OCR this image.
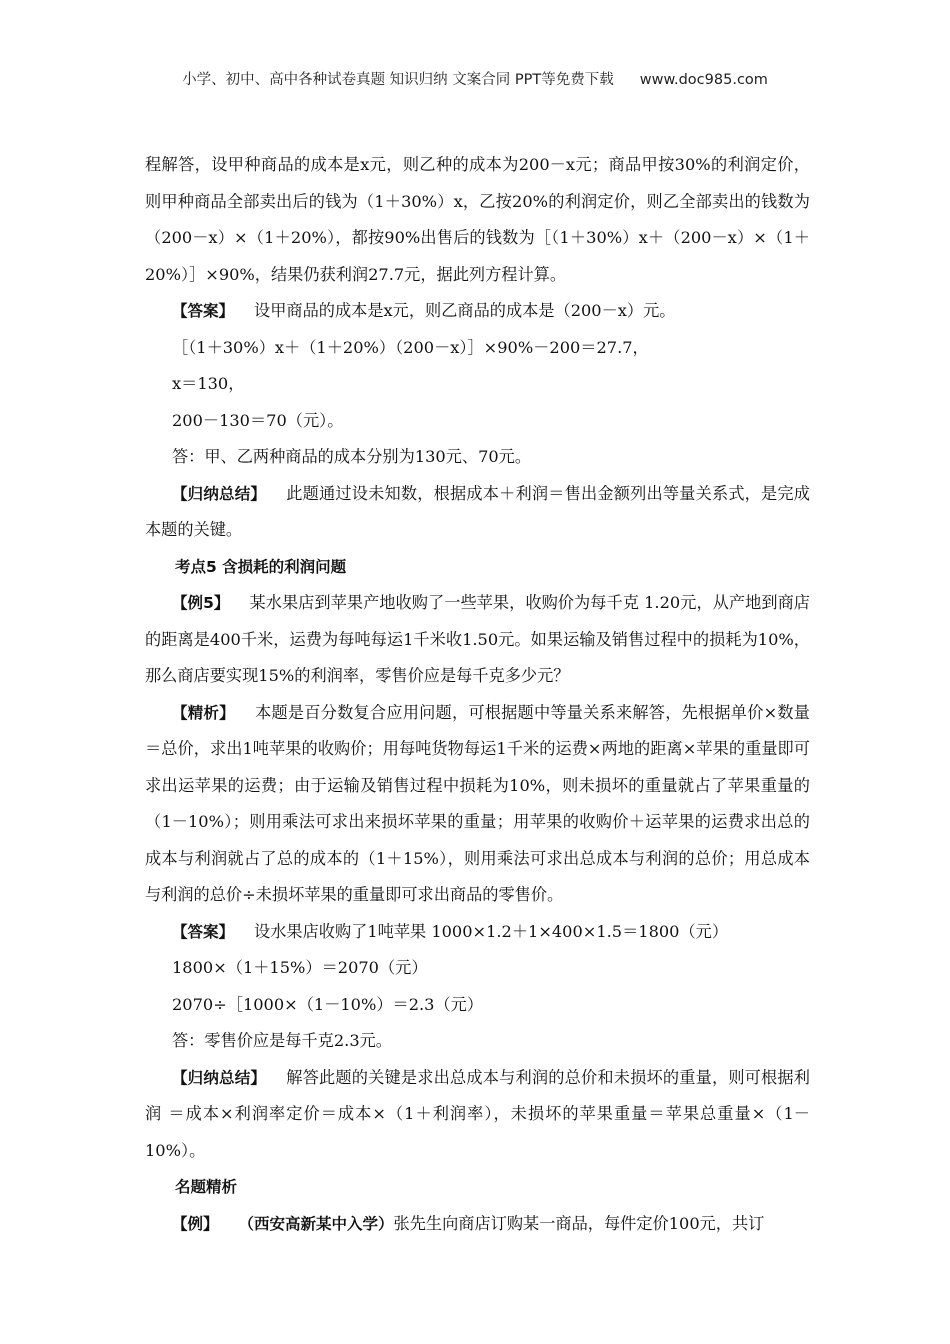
小学、初中、高中各种试卷真题 知识归纳 文案合同 PPT等免费下载 www.doc985.com

程解答，设甲种商品的成本是x元，则乙种的成本为200－x元；商品甲按30%的利润定价，则甲种商品全部卖出后的钱为（1＋30%）x，乙按20%的利润定价，则乙全部卖出的钱数为（200－x）×（1＋20%），都按90%出售后的钱数为［（1＋30%）x＋（200－x）×（1＋20%）］×90%，结果仍获利润27.7元，据此列方程计算。

【答案】 设甲商品的成本是x元，则乙商品的成本是（200－x）元。

［（1＋30%）x＋（1＋20%）（200－x）］×90%－200＝27.7，

x＝130，

200－130＝70（元）。

答：甲、乙两种商品的成本分别为130元、70元。

【归纳总结】 此题通过设未知数，根据成本＋利润＝售出金额列出等量关系式，是完成本题的关键。

考点5 含损耗的利润问题

【例5】 某水果店到苹果产地收购了一些苹果，收购价为每千克 1.20元，从产地到商店的距离是400千米，运费为每吨每运1千米收1.50元。如果运输及销售过程中的损耗为10%，那么商店要实现15%的利润率，零售价应是每千克多少元？

【精析】 本题是百分数复合应用问题，可根据题中等量关系来解答，先根据单价×数量＝总价，求出1吨苹果的收购价；用每吨货物每运1千米的运费×两地的距离×苹果的重量即可求出运苹果的运费；由于运输及销售过程中损耗为10%，则未损坏的重量就占了苹果重量的（1－10%）；则用乘法可求出来损坏苹果的重量；用苹果的收购价＋运苹果的运费求出总的成本与利润就占了总的成本的（1＋15%），则用乘法可求出总成本与利润的总价；用总成本与利润的总价÷未损坏苹果的重量即可求出商品的零售价。

【答案】 设水果店收购了1吨苹果 1000×1.2＋1×400×1.5＝1800（元）

1800×（1＋15%）＝2070（元）

2070÷［1000×（1－10%）＝2.3（元）

答：零售价应是每千克2.3元。

【归纳总结】 解答此题的关键是求出总成本与利润的总价和未损坏的重量，则可根据利润 ＝成本×利润率定价＝成本×（1＋利润率），未损坏的苹果重量＝苹果总重量×（1－10%）。

名题精析

【例】 （西安高新某中入学）张先生向商店订购某一商品，每件定价100元，共订
